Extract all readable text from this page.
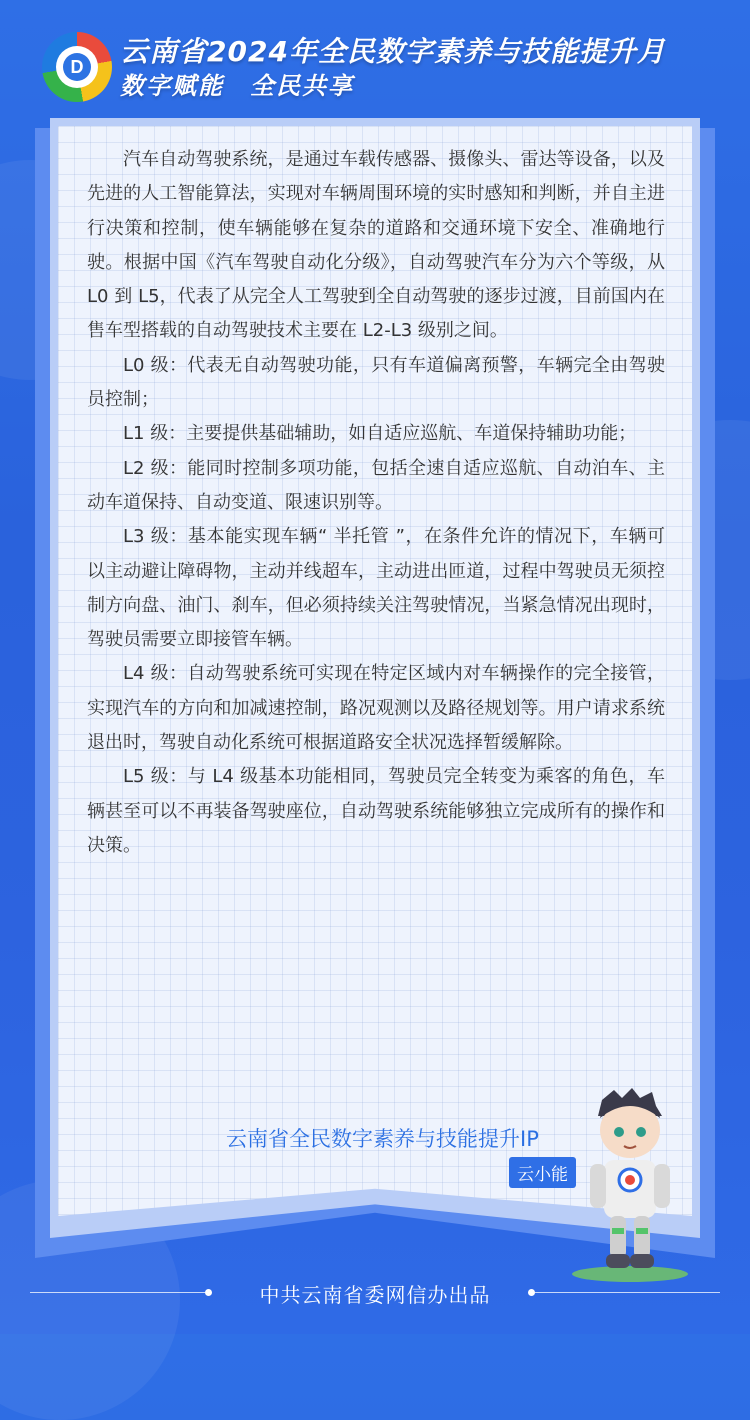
D 云南省2024年全民数字素养与技能提升月
数字赋能　全民共享

汽车自动驾驶系统，是通过车载传感器、摄像头、雷达等设备，以及先进的人工智能算法，实现对车辆周围环境的实时感知和判断，并自主进行决策和控制，使车辆能够在复杂的道路和交通环境下安全、准确地行驶。根据中国《汽车驾驶自动化分级》，自动驾驶汽车分为六个等级，从 L0 到 L5，代表了从完全人工驾驶到全自动驾驶的逐步过渡，目前国内在售车型搭载的自动驾驶技术主要在 L2-L3 级别之间。

L0 级：代表无自动驾驶功能，只有车道偏离预警，车辆完全由驾驶员控制；

L1 级：主要提供基础辅助，如自适应巡航、车道保持辅助功能；

L2 级：能同时控制多项功能，包括全速自适应巡航、自动泊车、主动车道保持、自动变道、限速识别等。

L3 级：基本能实现车辆“ 半托管 ”，在条件允许的情况下，车辆可以主动避让障碍物，主动并线超车，主动进出匝道，过程中驾驶员无须控制方向盘、油门、刹车，但必须持续关注驾驶情况，当紧急情况出现时，驾驶员需要立即接管车辆。

L4 级：自动驾驶系统可实现在特定区域内对车辆操作的完全接管，实现汽车的方向和加减速控制，路况观测以及路径规划等。用户请求系统退出时，驾驶自动化系统可根据道路安全状况选择暂缓解除。

L5 级：与 L4 级基本功能相同，驾驶员完全转变为乘客的角色，车辆甚至可以不再装备驾驶座位，自动驾驶系统能够独立完成所有的操作和决策。

云南省全民数字素养与技能提升IP
云小能
中共云南省委网信办出品
